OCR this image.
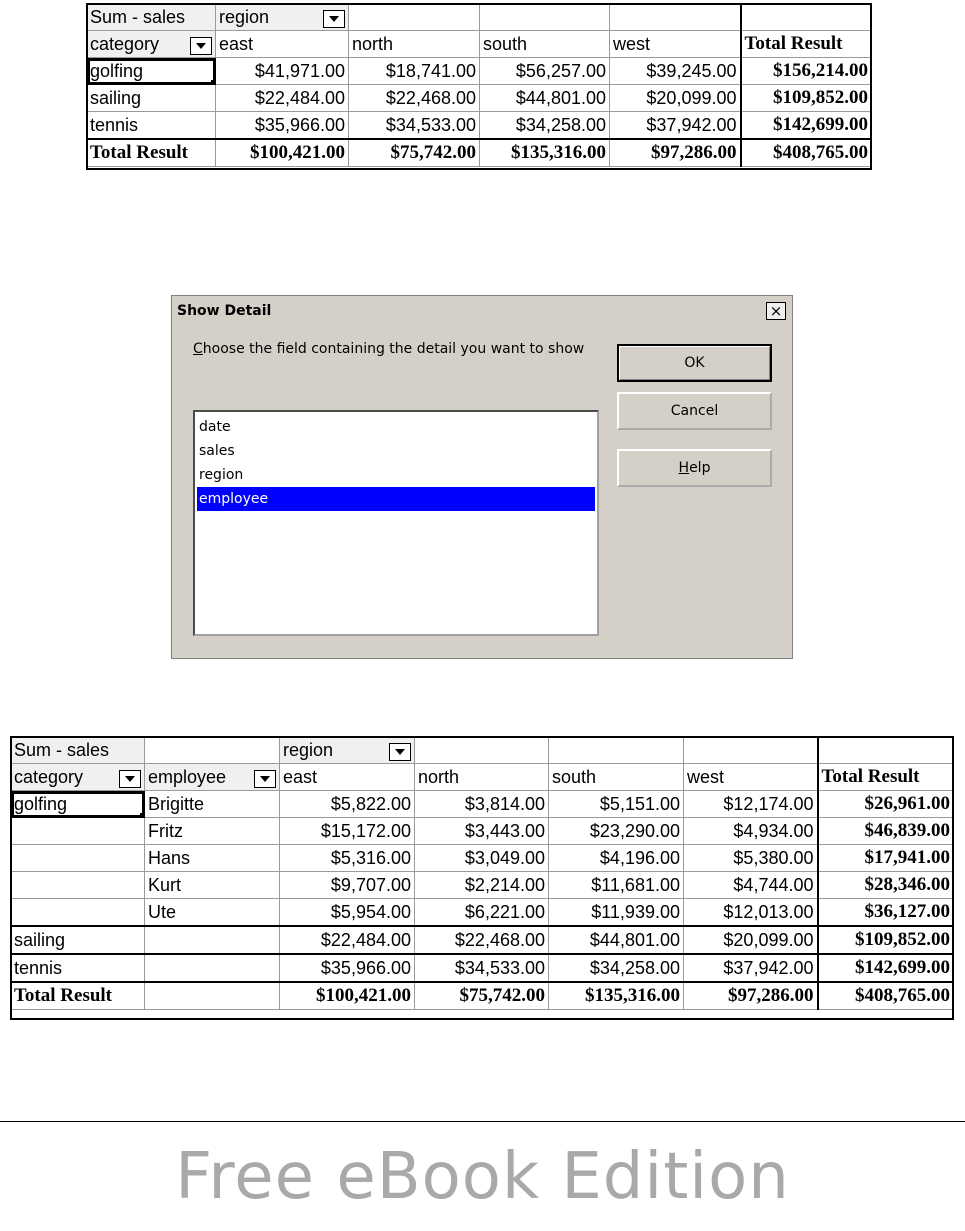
Sum - sales	region				

category	east	north	south	west	Total Result
golfing	$41,971.00	$18,741.00	$56,257.00	$39,245.00	$156,214.00
sailing	$22,484.00	$22,468.00	$44,801.00	$20,099.00	$109,852.00
tennis	$35,966.00	$34,533.00	$34,258.00	$37,942.00	$142,699.00
Total Result	$100,421.00	$75,742.00	$135,316.00	$97,286.00	$408,765.00
Show Detail	×
Choose the field containing the detail you want to show
date
sales
region
employee
OK
Cancel
H elp
Sum - sales		region				

category	employee	east	north	south	west	Total Result
golfing	Brigitte	$5,822.00	$3,814.00	$5,151.00	$12,174.00	$26,961.00
	Fritz	$15,172.00	$3,443.00	$23,290.00	$4,934.00	$46,839.00
	Hans	$5,316.00	$3,049.00	$4,196.00	$5,380.00	$17,941.00
	Kurt	$9,707.00	$2,214.00	$11,681.00	$4,744.00	$28,346.00
	Ute	$5,954.00	$6,221.00	$11,939.00	$12,013.00	$36,127.00
sailing		$22,484.00	$22,468.00	$44,801.00	$20,099.00	$109,852.00
tennis		$35,966.00	$34,533.00	$34,258.00	$37,942.00	$142,699.00
Total Result		$100,421.00	$75,742.00	$135,316.00	$97,286.00	$408,765.00
Free eBook Edition
